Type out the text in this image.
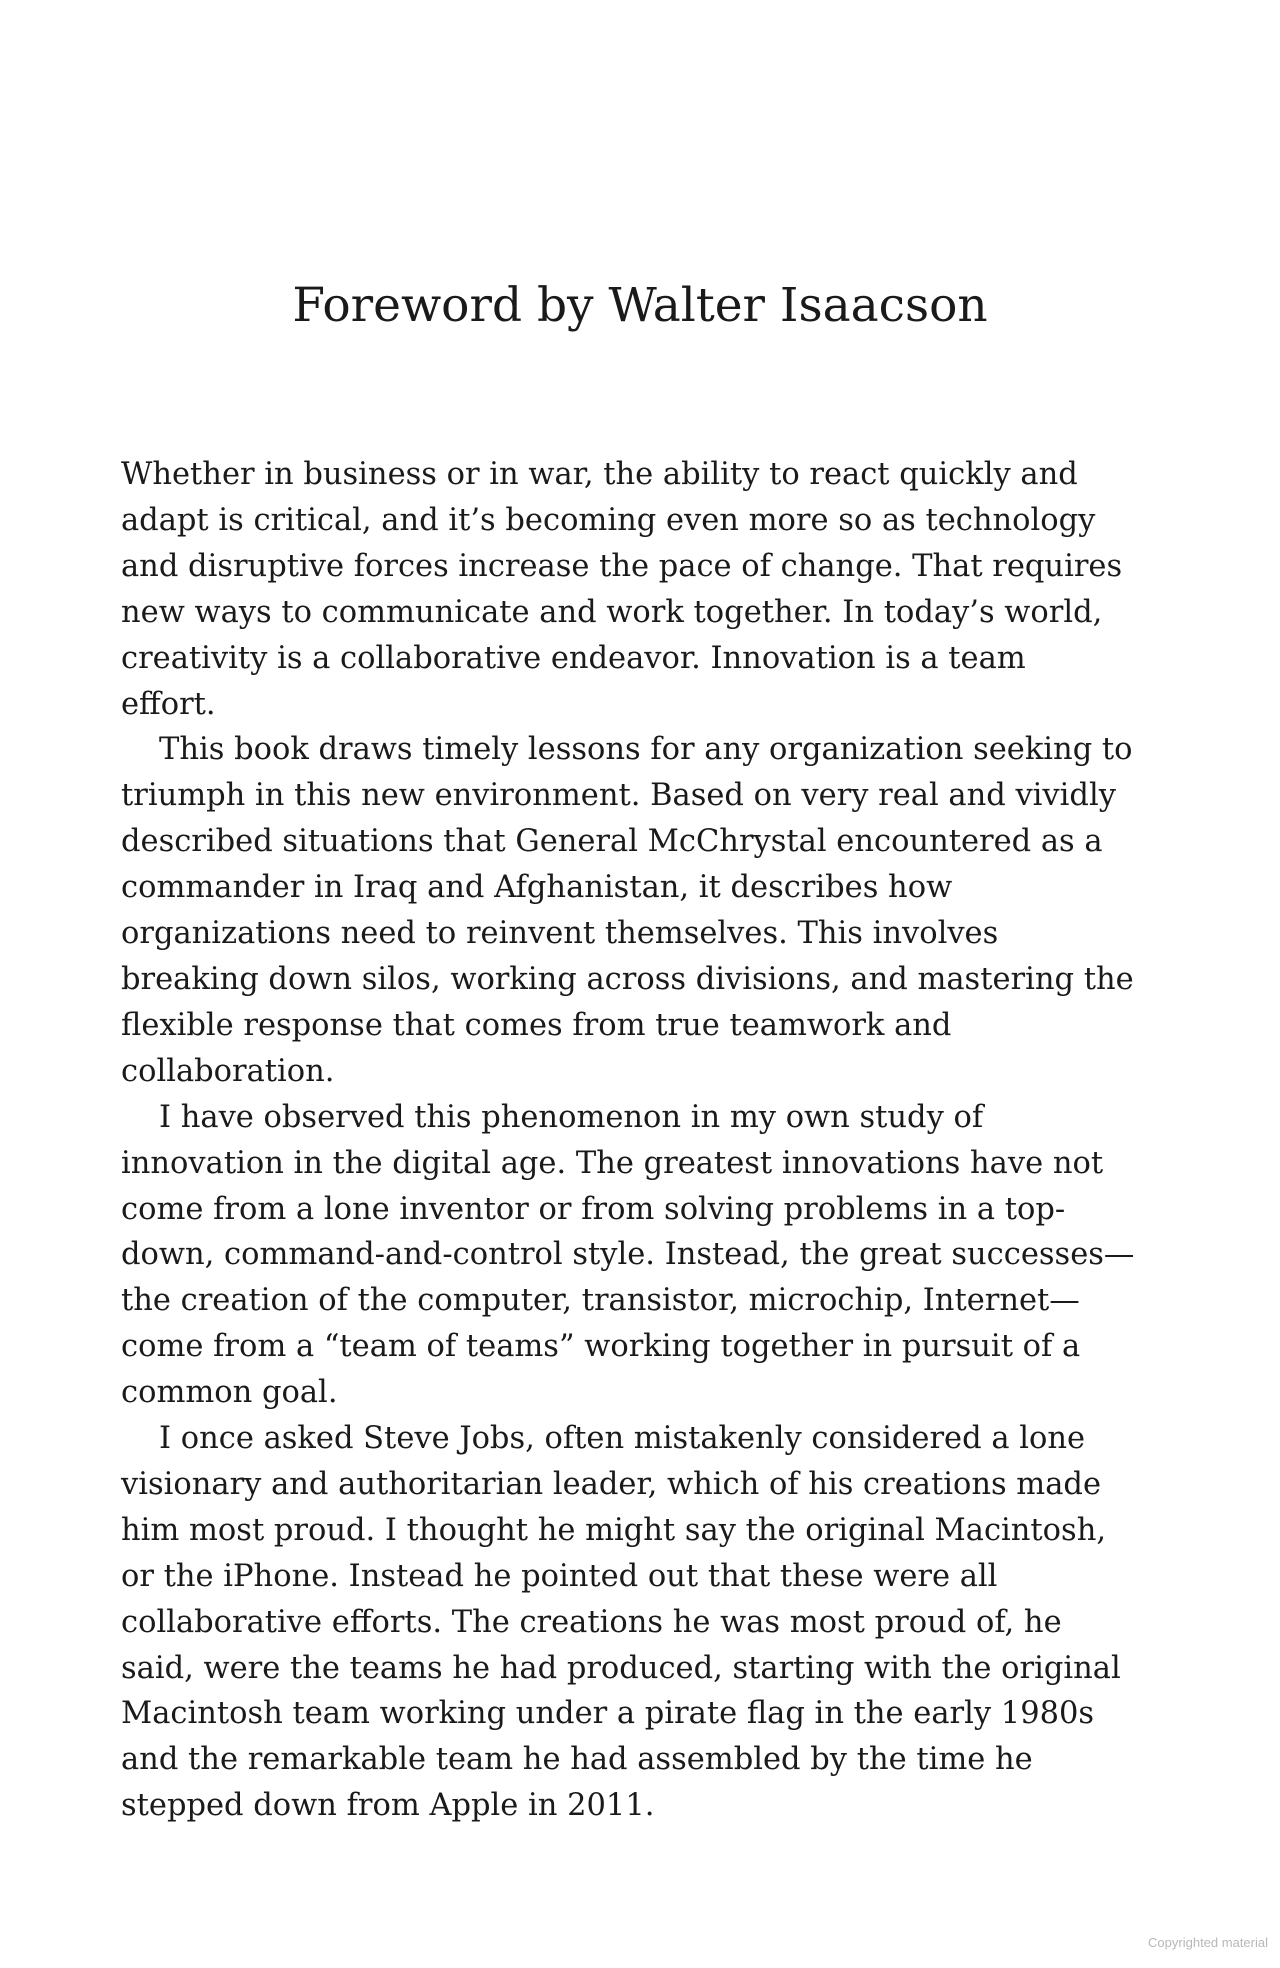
Foreword by Walter Isaacson

Whether in business or in war, the ability to react quickly and
adapt is critical, and it’s becoming even more so as technology
and disruptive forces increase the pace of change. That requires
new ways to communicate and work together. In today’s world,
creativity is a collaborative endeavor. Innovation is a team
effort.

This book draws timely lessons for any organization seeking to
triumph in this new environment. Based on very real and vividly
described situations that General McChrystal encountered as a
commander in Iraq and Afghanistan, it describes how
organizations need to reinvent themselves. This involves
breaking down silos, working across divisions, and mastering the
flexible response that comes from true teamwork and
collaboration.

I have observed this phenomenon in my own study of
innovation in the digital age. The greatest innovations have not
come from a lone inventor or from solving problems in a top-
down, command-and-control style. Instead, the great successes—
the creation of the computer, transistor, microchip, Internet—
come from a “team of teams” working together in pursuit of a
common goal.

I once asked Steve Jobs, often mistakenly considered a lone
visionary and authoritarian leader, which of his creations made
him most proud. I thought he might say the original Macintosh,
or the iPhone. Instead he pointed out that these were all
collaborative efforts. The creations he was most proud of, he
said, were the teams he had produced, starting with the original
Macintosh team working under a pirate flag in the early 1980s
and the remarkable team he had assembled by the time he
stepped down from Apple in 2011.

Copyrighted material
